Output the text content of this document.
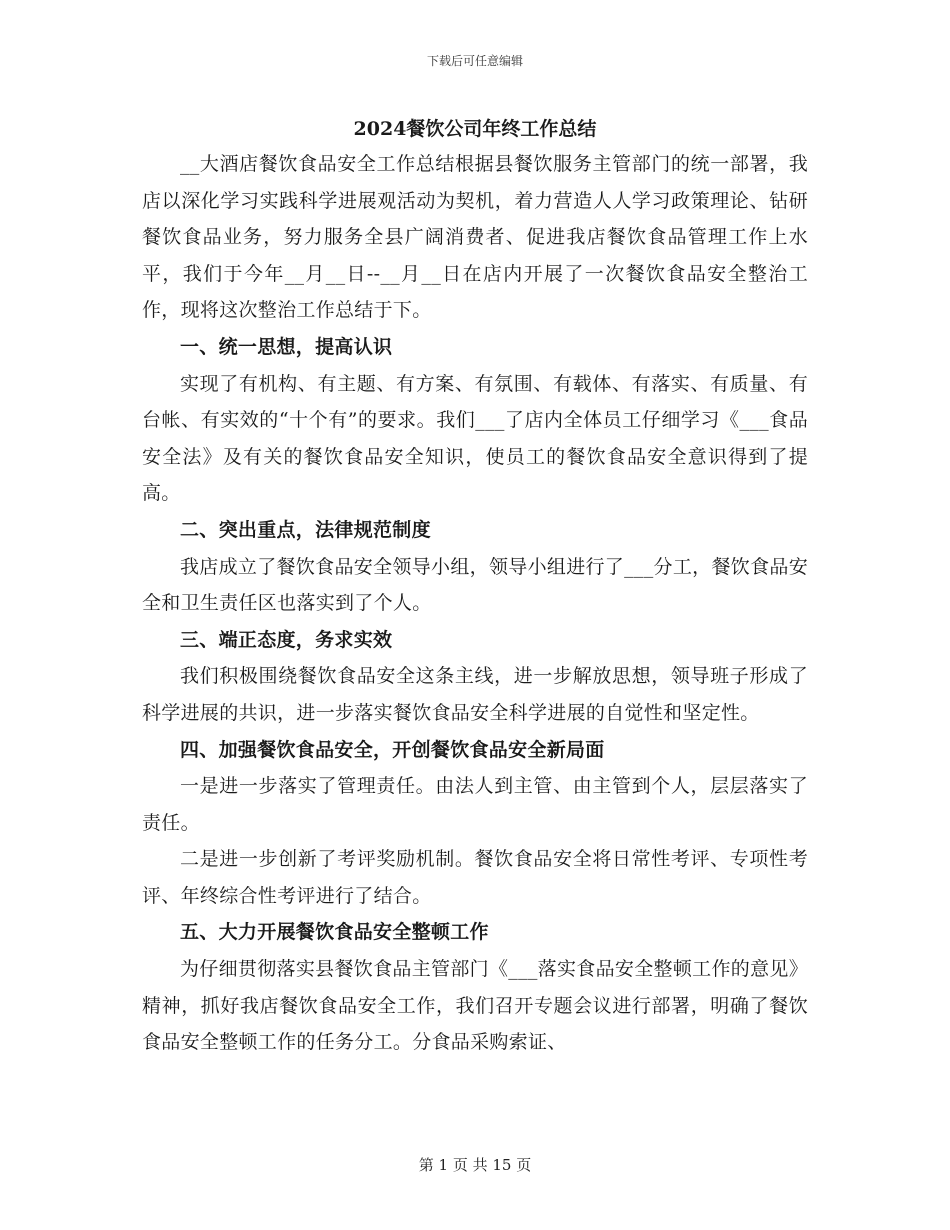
下载后可任意编辑
2024餐饮公司年终工作总结

__大酒店餐饮食品安全工作总结根据县餐饮服务主管部门的统一部署，我店以深化学习实践科学进展观活动为契机，着力营造人人学习政策理论、钻研餐饮食品业务，努力服务全县广阔消费者、促进我店餐饮食品管理工作上水平，我们于今年__月__日--__月__日在店内开展了一次餐饮食品安全整治工作，现将这次整治工作总结于下。

一、统一思想，提高认识

实现了有机构、有主题、有方案、有氛围、有载体、有落实、有质量、有台帐、有实效的“十个有”的要求。我们___了店内全体员工仔细学习《___食品安全法》及有关的餐饮食品安全知识，使员工的餐饮食品安全意识得到了提高。

二、突出重点，法律规范制度

我店成立了餐饮食品安全领导小组，领导小组进行了___分工，餐饮食品安全和卫生责任区也落实到了个人。

三、端正态度，务求实效

我们积极围绕餐饮食品安全这条主线，进一步解放思想，领导班子形成了科学进展的共识，进一步落实餐饮食品安全科学进展的自觉性和坚定性。

四、加强餐饮食品安全，开创餐饮食品安全新局面

一是进一步落实了管理责任。由法人到主管、由主管到个人，层层落实了责任。

二是进一步创新了考评奖励机制。餐饮食品安全将日常性考评、专项性考评、年终综合性考评进行了结合。

五、大力开展餐饮食品安全整顿工作

为仔细贯彻落实县餐饮食品主管部门《___落实食品安全整顿工作的意见》精神，抓好我店餐饮食品安全工作，我们召开专题会议进行部署，明确了餐饮食品安全整顿工作的任务分工。分食品采购索证、

第 1 页 共 15 页
